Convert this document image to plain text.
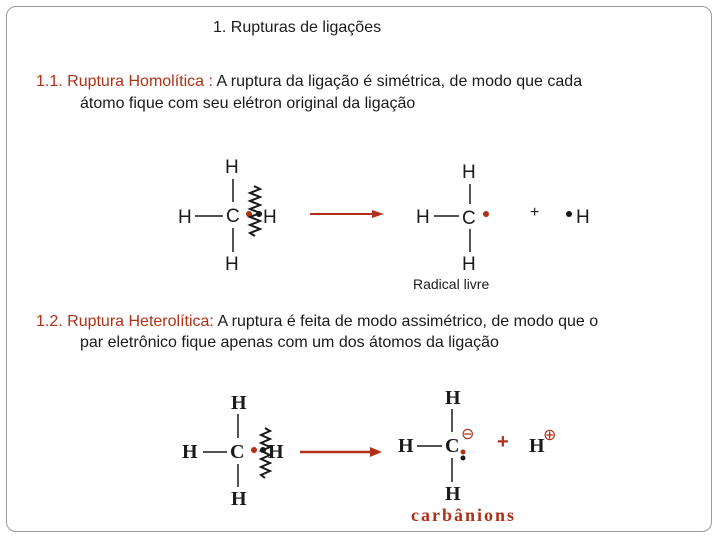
1. Rupturas de ligações
1.1. Ruptura Homolítica : A ruptura da ligação é simétrica, de modo que cada
átomo fique com seu elétron original da ligação
H
H C H
H
H
H C
H
+ H
Radical livre
1.2. Ruptura Heterolítica: A ruptura é feita de modo assimétrico, de modo que o
par eletrônico fique apenas com um dos átomos da ligação
H
H C H
H
H
H C
⊖
H
+ H
⊕
carbânions
